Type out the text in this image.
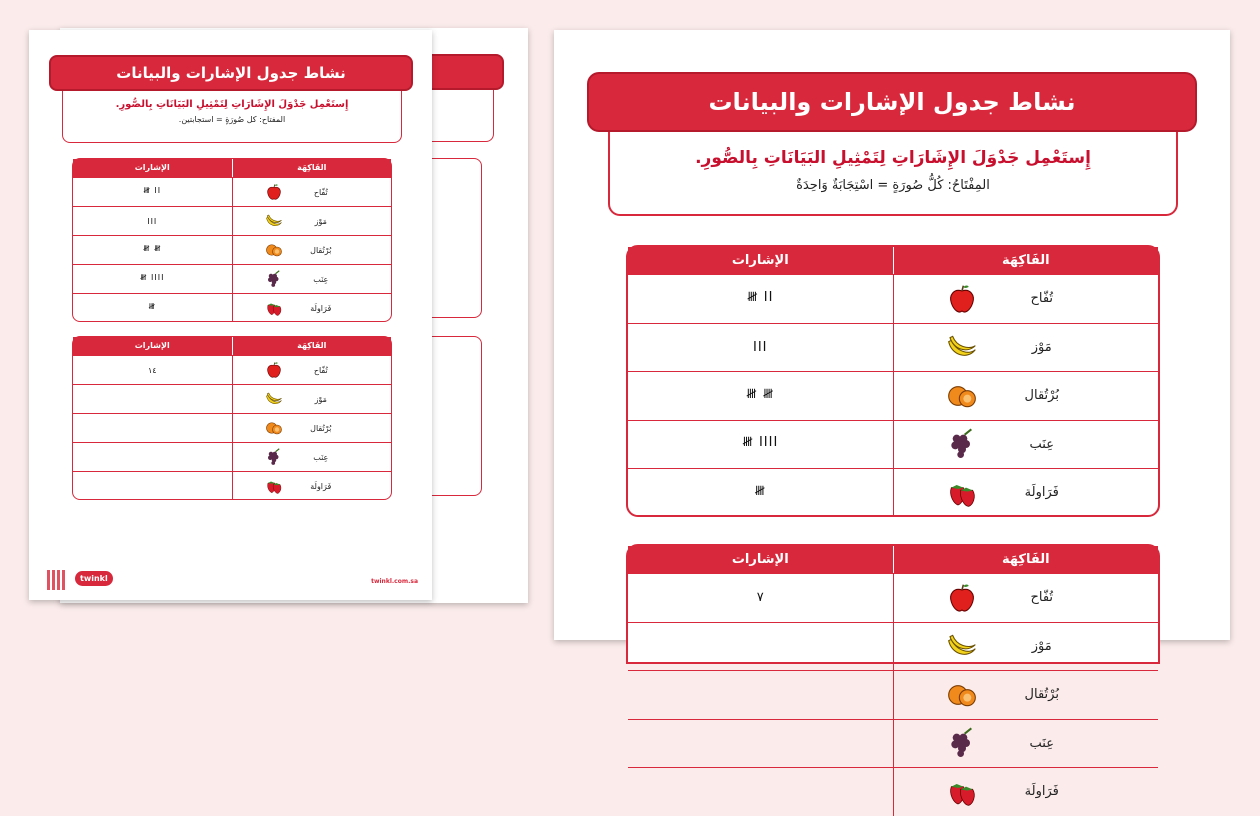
نشاط جدول الإشارات والبيانات
إِستَعْمِل جَدْوَلَ الإِشَارَاتِ لِتَمْثِيلِ البَيَانَاتِ بِالصُّورِ.
المفتاح: كل صُورَةٍ = استجابتين.
الإشارات	الفَاكِهَة
𝍸 II	تُفّاح
III	مَوْز
𝍸 𝍸	بُرْتُقال
𝍸 IIII	عِنَب
𝍸	فَرَاولَة
الإشارات	الفَاكِهَة
١٤	تُفّاح
مَوْز
بُرْتُقال
عِنَب
فَرَاولَة
twinkl	twinkl.com.sa
نشاط جدول الإشارات والبيانات
إِستَعْمِل جَدْوَلَ الإِشَارَاتِ لِتَمْثِيلِ البَيَانَاتِ بِالصُّورِ.
المِفْتَاحُ: كُلُّ صُورَةٍ = اسْتِجَابَةٌ وَاحِدَةٌ
الإشارات	الفَاكِهَة
𝍸 II	تُفّاح
III	مَوْز
𝍸 𝍸	بُرْتُقال
𝍸 IIII	عِنَب
𝍸	فَرَاولَة
الإشارات	الفَاكِهَة
٧	تُفّاح
مَوْز
بُرْتُقال
عِنَب
فَرَاولَة
